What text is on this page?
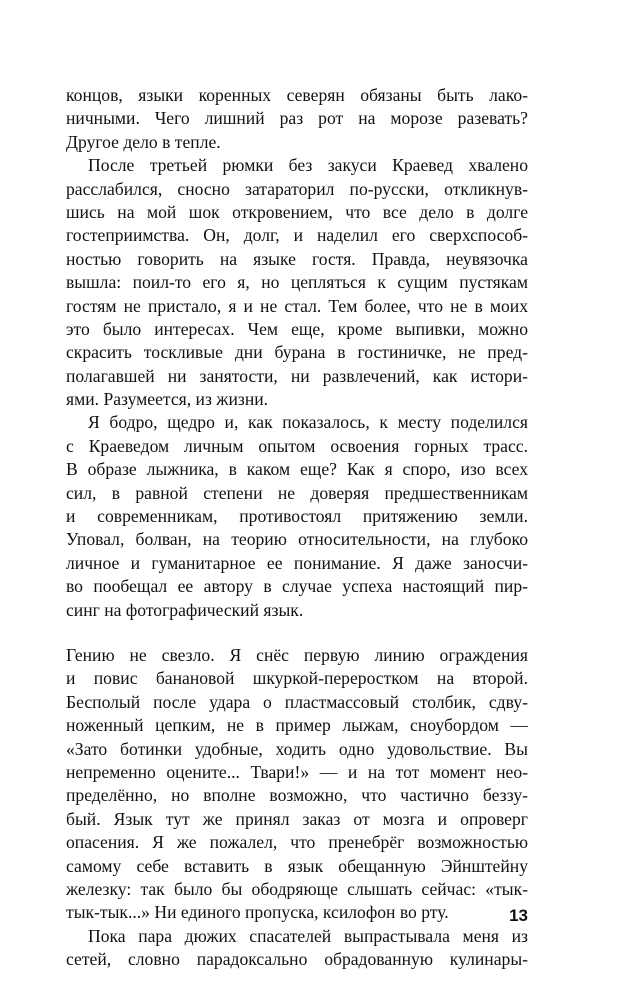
концов, языки коренных северян обязаны быть лако-
ничными. Чего лишний раз рот на морозе разевать?
Другое дело в тепле.
После третьей рюмки без закуси Краевед хвалено
расслабился, сносно затараторил по-русски, откликнув-
шись на мой шок откровением, что все дело в долге
гостеприимства. Он, долг, и наделил его сверхспособ-
ностью говорить на языке гостя. Правда, неувязочка
вышла: поил-то его я, но цепляться к сущим пустякам
гостям не пристало, я и не стал. Тем более, что не в моих
это было интересах. Чем еще, кроме выпивки, можно
скрасить тоскливые дни бурана в гостиничке, не пред-
полагавшей ни занятости, ни развлечений, как истори-
ями. Разумеется, из жизни.
Я бодро, щедро и, как показалось, к месту поделился
с Краеведом личным опытом освоения горных трасс.
В образе лыжника, в каком еще? Как я споро, изо всех
сил, в равной степени не доверяя предшественникам
и современникам, противостоял притяжению земли.
Уповал, болван, на теорию относительности, на глубоко
личное и гуманитарное ее понимание. Я даже заносчи-
во пообещал ее автору в случае успеха настоящий пир-
синг на фотографический язык.
Гению не свезло. Я снёс первую линию ограждения
и повис банановой шкуркой-переростком на второй.
Бесполый после удара о пластмассовый столбик, сдву-
ноженный цепким, не в пример лыжам, сноубордом —
«Зато ботинки удобные, ходить одно удовольствие. Вы
непременно оцените... Твари!» — и на тот момент нео-
пределённо, но вполне возможно, что частично беззу-
бый. Язык тут же принял заказ от мозга и опроверг
опасения. Я же пожалел, что пренебрёг возможностью
самому себе вставить в язык обещанную Эйнштейну
железку: так было бы ободряюще слышать сейчас: «тык-
тык-тык...» Ни единого пропуска, ксилофон во рту.
Пока пара дюжих спасателей выпрастывала меня из
сетей, словно парадоксально обрадованную кулинары-
13
